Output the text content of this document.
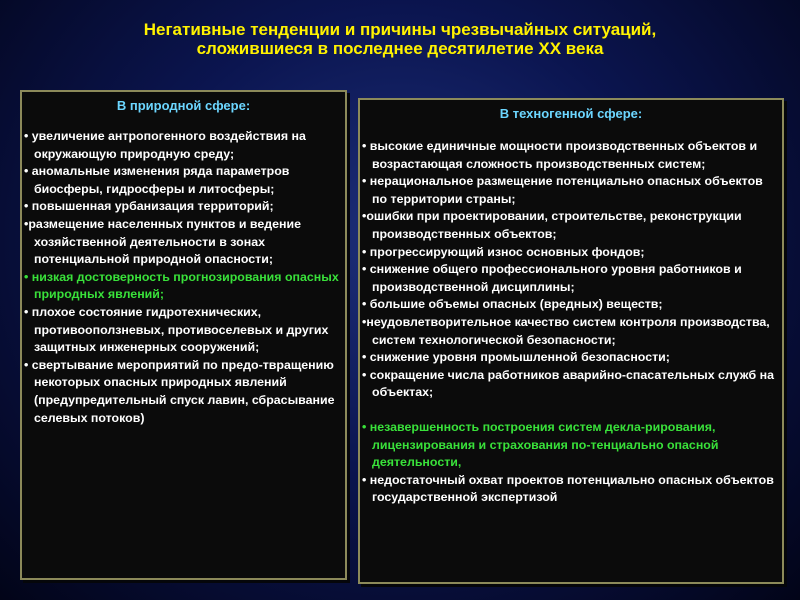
Негативные тенденции и причины чрезвычайных ситуаций,
сложившиеся в последнее десятилетие XX века
В природной сфере:
• увеличение антропогенного воздействия на окружающую природную среду;
• аномальные изменения ряда параметров биосферы, гидросферы и литосферы;
• повышенная урбанизация территорий;
•размещение населенных пунктов и ведение хозяйственной деятельности в зонах потенциальной природной опасности;
• низкая достоверность прогнозирования опасных природных явлений;
• плохое состояние гидротехнических, противооползневых, противоселевых и других защитных инженерных сооружений;
• свертывание мероприятий по предо-твращению некоторых опасных природных явлений (предупредительный спуск лавин, сбрасывание селевых потоков)
В техногенной сфере:
• высокие единичные мощности производственных объектов и возрастающая сложность производственных систем;
• нерациональное размещение потенциально опасных объектов по территории страны;
•ошибки при проектировании, строительстве, реконструкции производственных объектов;
• прогрессирующий износ основных фондов;
• снижение общего профессионального уровня работников и производственной дисциплины;
• большие объемы опасных (вредных) веществ;
•неудовлетворительное качество систем контроля производства, систем технологической безопасности;
• снижение уровня промышленной безопасности;
• сокращение числа работников аварийно-спасательных служб на объектах;
• незавершенность построения систем декла-рирования, лицензирования и страхования по-тенциально опасной деятельности,
• недостаточный охват проектов потенциально опасных объектов государственной экспертизой
